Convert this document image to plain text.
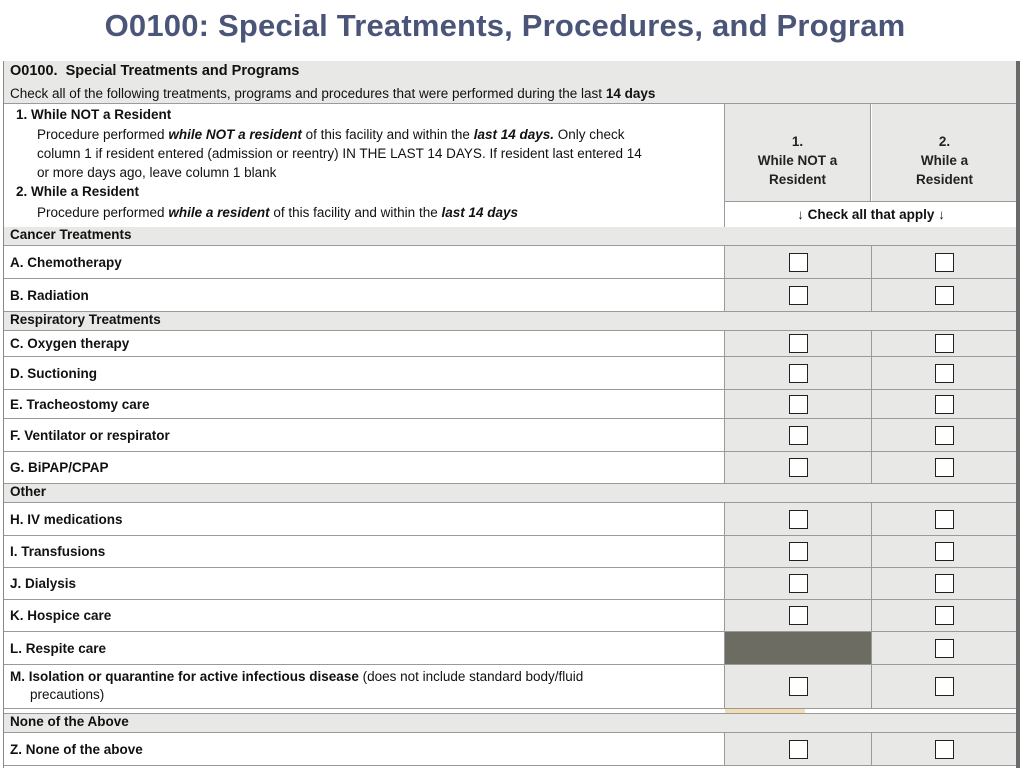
O0100: Special Treatments, Procedures, and Program
O0100. Special Treatments and Programs
Check all of the following treatments, programs and procedures that were performed during the last 14 days
1. While NOT a Resident
Procedure performed while NOT a resident of this facility and within the last 14 days. Only check
column 1 if resident entered (admission or reentry) IN THE LAST 14 DAYS. If resident last entered 14
or more days ago, leave column 1 blank
2. While a Resident
Procedure performed while a resident of this facility and within the last 14 days
1.
While NOT a
Resident
2.
While a
Resident
↓ Check all that apply ↓
Cancer Treatments
A. Chemotherapy
B. Radiation
Respiratory Treatments
C. Oxygen therapy
D. Suctioning
E. Tracheostomy care
F. Ventilator or respirator
G. BiPAP/CPAP
Other
H. IV medications
I. Transfusions
J. Dialysis
K. Hospice care
L. Respite care
M. Isolation or quarantine for active infectious disease (does not include standard body/fluid
precautions)
None of the Above
Z. None of the above
